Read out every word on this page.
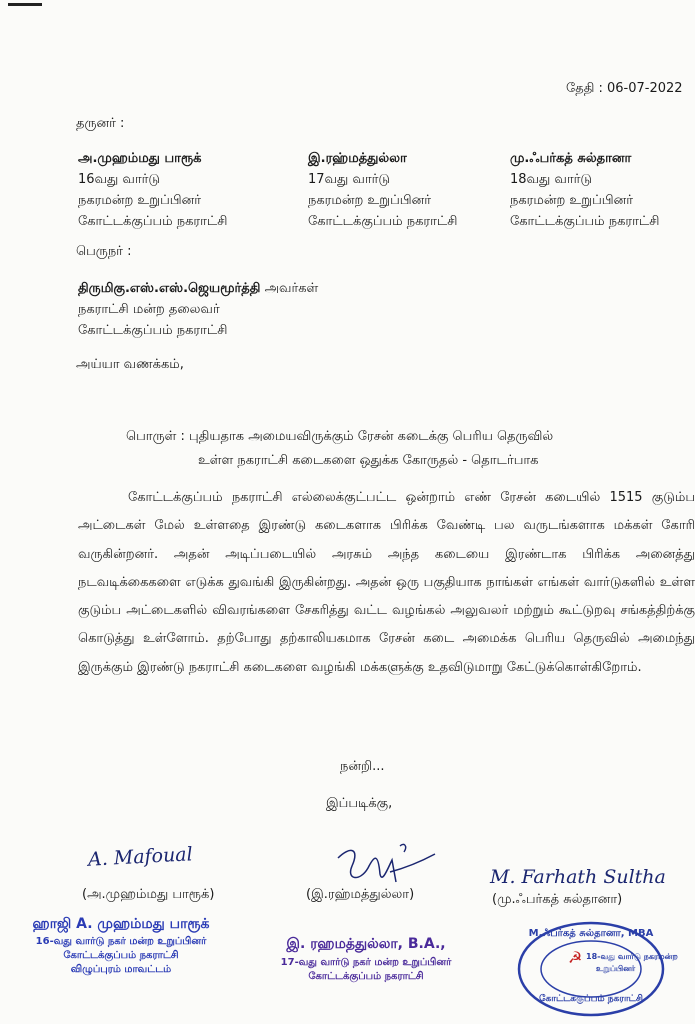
தேதி : 06-07-2022
தருனர் :
அ.முஹம்மது பாரூக்
16வது வார்டு
நகரமன்ற உறுப்பினர்
கோட்டக்குப்பம் நகராட்சி
இ.ரஹ்மத்துல்லா
17வது வார்டு
நகரமன்ற உறுப்பினர்
கோட்டக்குப்பம் நகராட்சி
மு.ஃபர்கத் சுல்தானா
18வது வார்டு
நகரமன்ற உறுப்பினர்
கோட்டக்குப்பம் நகராட்சி
பெருநர் :
திருமிகு.எஸ்.எஸ்.ஜெயமூர்த்தி அவர்கள்
நகராட்சி மன்ற தலைவர்
கோட்டக்குப்பம் நகராட்சி
அய்யா வணக்கம்,
பொருள் : புதியதாக அமையவிருக்கும் ரேசன் கடைக்கு பெரிய தெருவில்
உள்ள நகராட்சி கடைகளை ஒதுக்க கோருதல் - தொடர்பாக
கோட்டக்குப்பம் நகராட்சி எல்லைக்குட்பட்ட ஒன்றாம் எண் ரேசன் கடையில் 1515 குடும்ப அட்டைகள் மேல் உள்ளதை இரண்டு கடைகளாக பிரிக்க வேண்டி பல வருடங்களாக மக்கள் கோரி வருகின்றனர். அதன் அடிப்படையில் அரசும் அந்த கடையை இரண்டாக பிரிக்க அனைத்து நடவடிக்கைகளை எடுக்க துவங்கி இருகின்றது. அதன் ஒரு பகுதியாக நாங்கள் எங்கள் வார்டுகளில் உள்ள குடும்ப அட்டைகளில் விவரங்களை சேகரித்து வட்ட வழங்கல் அலுவலர் மற்றும் கூட்டுறவு சங்கத்திற்க்கு கொடுத்து உள்ளோம். தற்போது தற்காலியகமாக ரேசன் கடை அமைக்க பெரிய தெருவில் அமைந்து இருக்கும் இரண்டு நகராட்சி கடைகளை வழங்கி மக்களுக்கு உதவிடுமாறு கேட்டுக்கொள்கிறோம்.
நன்றி...
இப்படிக்கு,
A. Mafoual
M. Farhath Sultha
(அ.முஹம்மது பாரூக்)	(இ.ரஹ்மத்துல்லா)	(மு.ஃபர்கத் சுல்தானா)
ஹாஜி A. முஹம்மது பாரூக்
16-வது வார்டு நகர் மன்ற உறுப்பினர்
கோட்டக்குப்பம் நகராட்சி
விழுப்புரம் மாவட்டம்
இ. ரஹமத்துல்லா, B.A.,
17-வது வார்டு நகர் மன்ற உறுப்பினர்
கோட்டக்குப்பம் நகராட்சி
M.ஃபர்கத் சுல்தானா, MBA
☭ 18-வது வார்டு நகரமன்ற
உறுப்பினர்
கோட்டக்குப்பம் நகராட்சி
